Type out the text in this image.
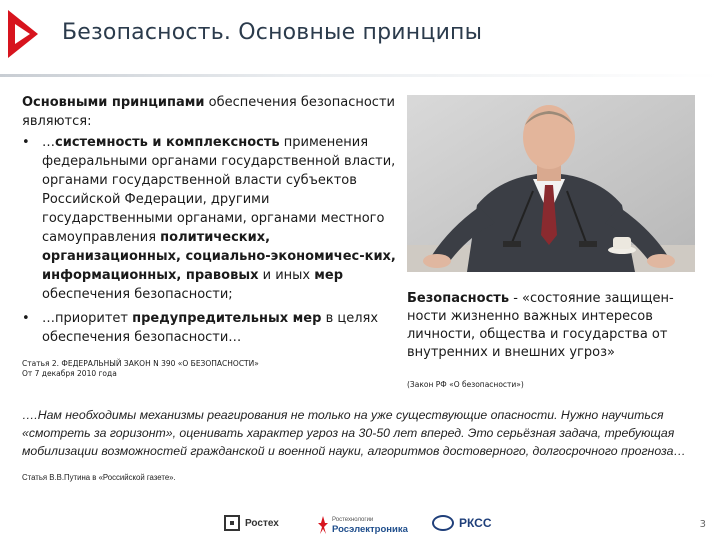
Безопасность. Основные принципы

Основными принципами обеспечения безопасности являются:

• …системность и комплексность применения федеральными органами государственной власти, органами государственной власти субъектов Российской Федерации, другими государственными органами, органами местного самоуправления политических, организационных, социально-экономичес-ких, информационных, правовых и иных мер обеспечения безопасности;
• …приоритет предупредительных мер в целях обеспечения безопасности…
Статья 2. ФЕДЕРАЛЬНЫЙ ЗАКОН N 390 «О БЕЗОПАСНОСТИ»
От 7 декабря 2010 года

Безопасность - «состояние защищен-ности жизненно важных интересов личности, общества и государства от внутренних и внешних угроз»

(Закон РФ «О безопасности»)
….Нам необходимы механизмы реагирования не только на уже существующие опасности. Нужно научиться «смотреть за горизонт», оценивать характер угроз на 30-50 лет вперед. Это серьёзная задача, требующая мобилизации возможностей гражданской и военной науки, алгоритмов достоверного, долгосрочного прогноза…
Статья В.В.Путина в «Российской газете».
Ростех	Ростехнологии
Росэлектроника	РКСС	3
